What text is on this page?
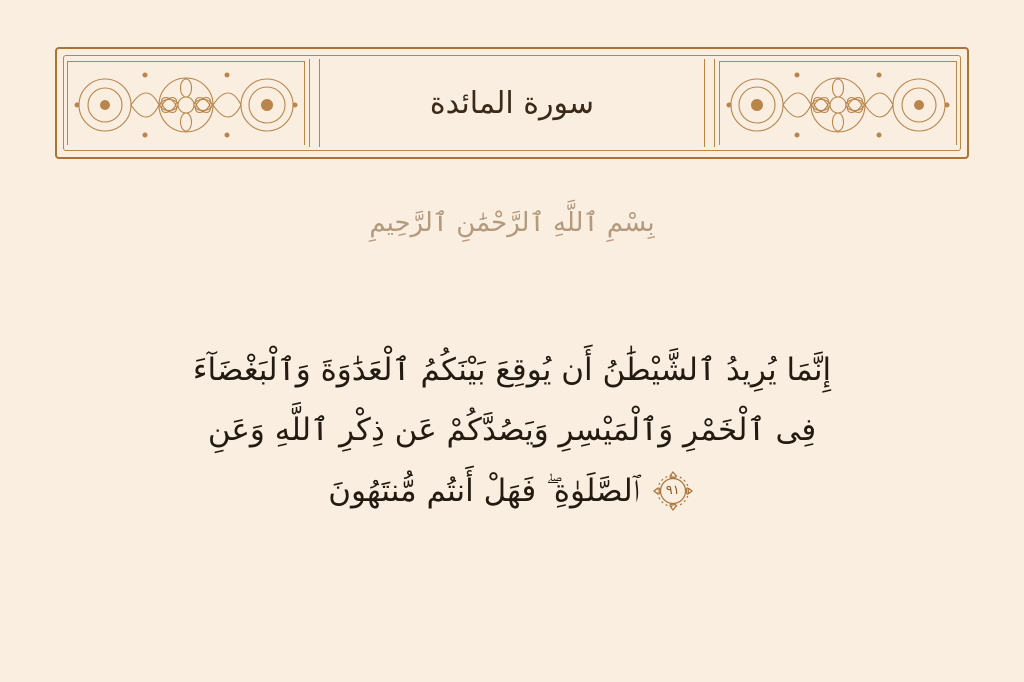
سورة المائدة
بِسْمِ ٱللَّهِ ٱلرَّحْمَٰنِ ٱلرَّحِيمِ
إِنَّمَا يُرِيدُ ٱلشَّيْطَٰنُ أَن يُوقِعَ بَيْنَكُمُ ٱلْعَدَٰوَةَ وَٱلْبَغْضَآءَ
فِى ٱلْخَمْرِ وَٱلْمَيْسِرِ وَيَصُدَّكُمْ عَن ذِكْرِ ٱللَّهِ وَعَنِ
٩١
ٱلصَّلَوٰةِ ۖ فَهَلْ أَنتُم مُّنتَهُونَ
